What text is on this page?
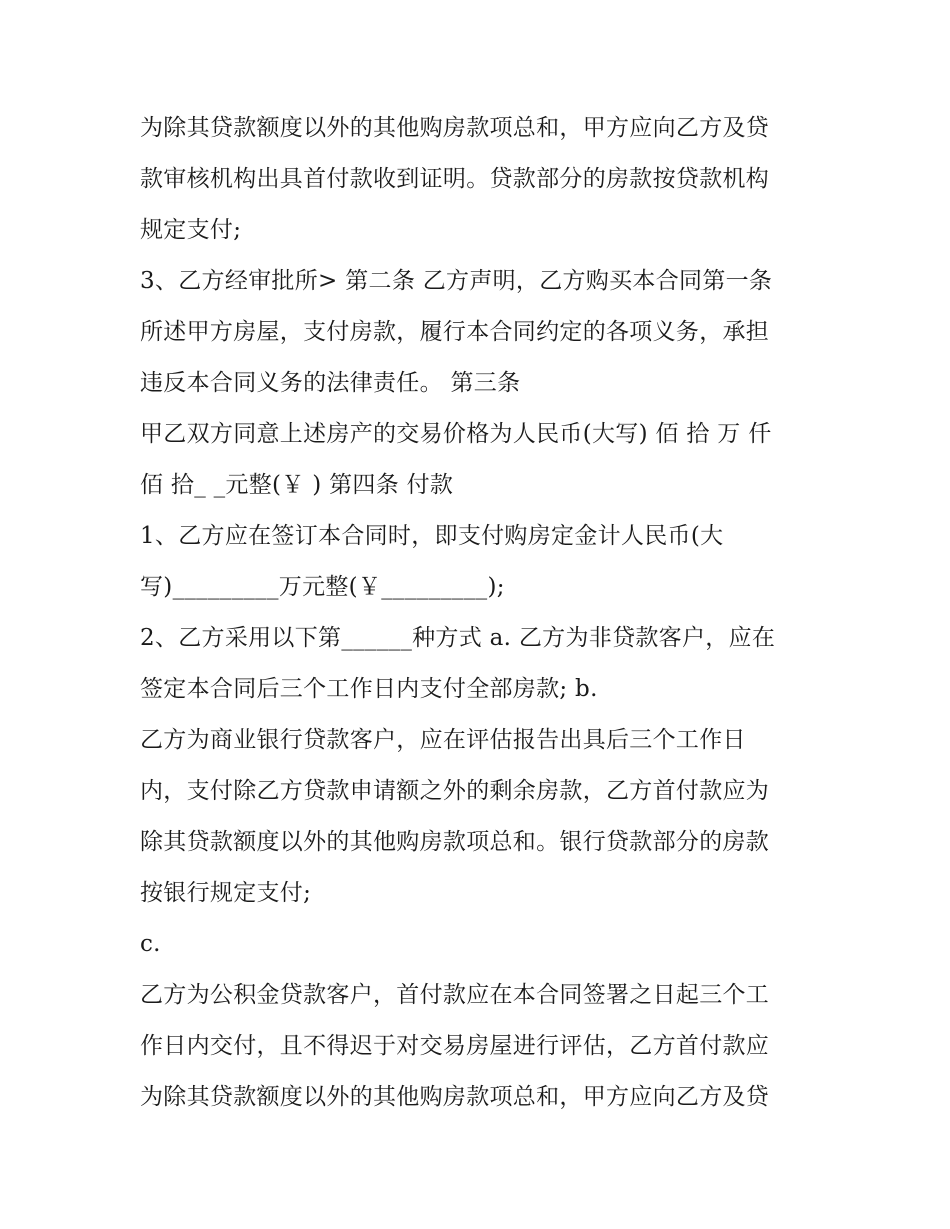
为除其贷款额度以外的其他购房款项总和，甲方应向乙方及贷
款审核机构出具首付款收到证明。贷款部分的房款按贷款机构
规定支付;
3、乙方经审批所> 第二条 乙方声明，乙方购买本合同第一条
所述甲方房屋，支付房款，履行本合同约定的各项义务，承担
违反本合同义务的法律责任。 第三条
甲乙双方同意上述房产的交易价格为人民币(大写) 佰 拾 万 仟
佰 拾_ _元整(￥ ) 第四条 付款
1、乙方应在签订本合同时，即支付购房定金计人民币(大
写)_________万元整(￥_________);
2、乙方采用以下第______种方式 a. 乙方为非贷款客户，应在
签定本合同后三个工作日内支付全部房款; b.
乙方为商业银行贷款客户，应在评估报告出具后三个工作日
内，支付除乙方贷款申请额之外的剩余房款，乙方首付款应为
除其贷款额度以外的其他购房款项总和。银行贷款部分的房款
按银行规定支付;
c.
乙方为公积金贷款客户，首付款应在本合同签署之日起三个工
作日内交付，且不得迟于对交易房屋进行评估，乙方首付款应
为除其贷款额度以外的其他购房款项总和，甲方应向乙方及贷
